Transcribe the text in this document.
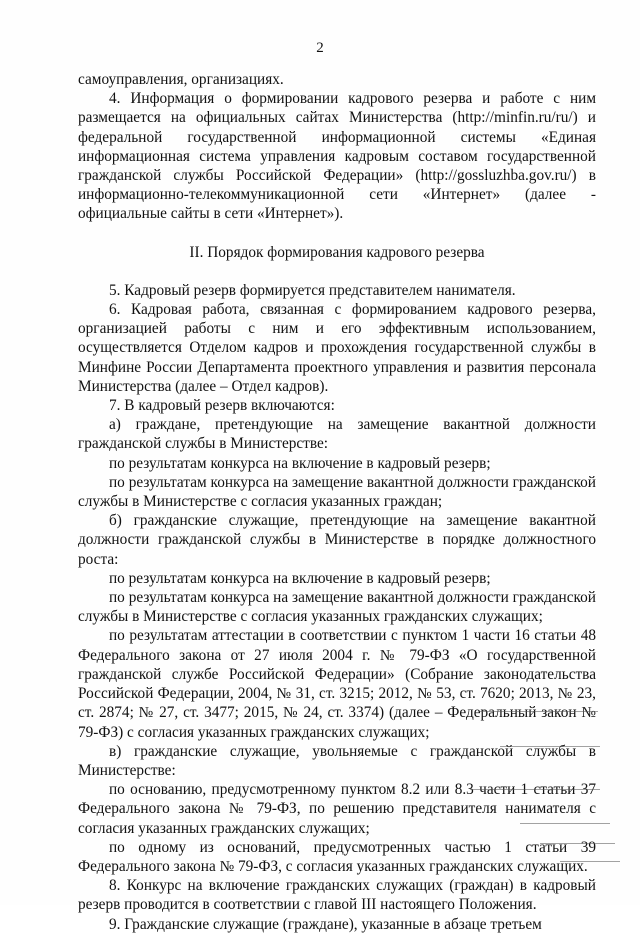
2

самоуправления, организациях.

4. Информация о формировании кадрового резерва и работе с ним размещается на официальных сайтах Министерства (http://minfin.ru/ru/) и федеральной государственной информационной системы «Единая информационная система управления кадровым составом государственной гражданской службы Российской Федерации» (http://gossluzhba.gov.ru/) в информационно-телекоммуникационной сети «Интернет» (далее - официальные сайты в сети «Интернет»).

II. Порядок формирования кадрового резерва

5. Кадровый резерв формируется представителем нанимателя.

6. Кадровая работа, связанная с формированием кадрового резерва, организацией работы с ним и его эффективным использованием, осуществляется Отделом кадров и прохождения государственной службы в Минфине России Департамента проектного управления и развития персонала Министерства (далее – Отдел кадров).

7. В кадровый резерв включаются:

а) граждане, претендующие на замещение вакантной должности гражданской службы в Министерстве:

по результатам конкурса на включение в кадровый резерв;

по результатам конкурса на замещение вакантной должности гражданской службы в Министерстве с согласия указанных граждан;

б) гражданские служащие, претендующие на замещение вакантной должности гражданской службы в Министерстве в порядке должностного роста:

по результатам конкурса на включение в кадровый резерв;

по результатам конкурса на замещение вакантной должности гражданской службы в Министерстве с согласия указанных гражданских служащих;

по результатам аттестации в соответствии с пунктом 1 части 16 статьи 48 Федерального закона от 27 июля 2004 г. № 79-ФЗ «О государственной гражданской службе Российской Федерации» (Собрание законодательства Российской Федерации, 2004, № 31, ст. 3215; 2012, № 53, ст. 7620; 2013, № 23, ст. 2874; № 27, ст. 3477; 2015, № 24, ст. 3374) (далее – Федеральный закон № 79-ФЗ) с согласия указанных гражданских служащих;

в) гражданские служащие, увольняемые с гражданской службы в Министерстве:

по основанию, предусмотренному пунктом 8.2 или 8.3 части 1 статьи 37 Федерального закона № 79-ФЗ, по решению представителя нанимателя с согласия указанных гражданских служащих;

по одному из оснований, предусмотренных частью 1 статьи 39 Федерального закона № 79-ФЗ, с согласия указанных гражданских служащих.

8. Конкурс на включение гражданских служащих (граждан) в кадровый резерв проводится в соответствии с главой III настоящего Положения.

9. Гражданские служащие (граждане), указанные в абзаце третьем
